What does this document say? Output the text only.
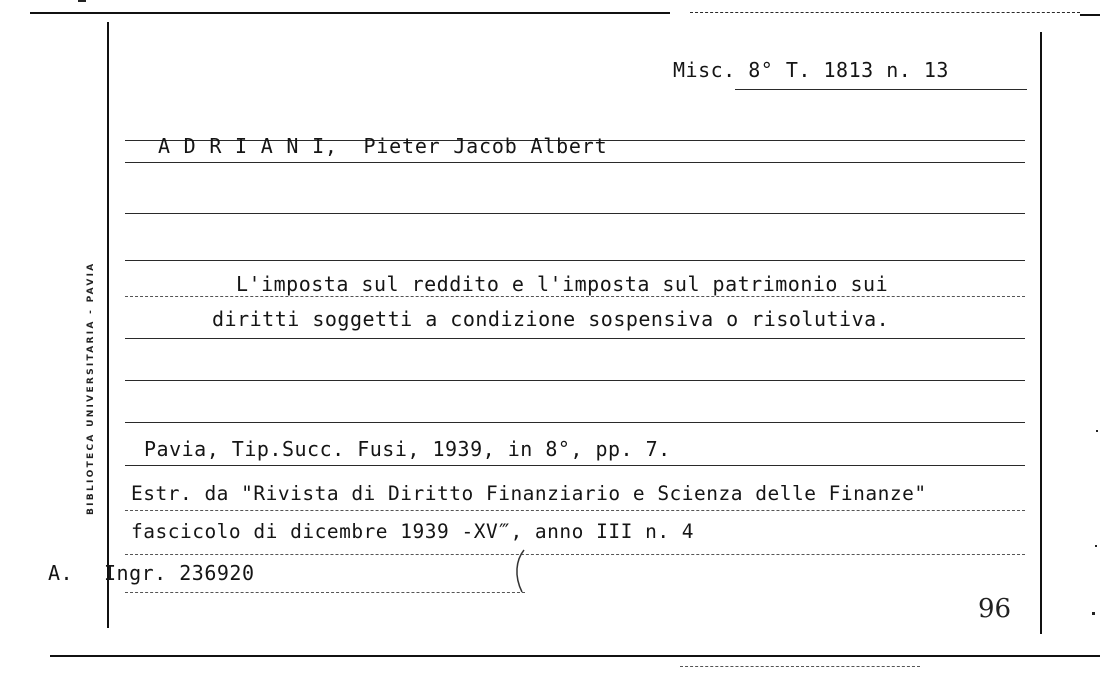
BIBLIOTECA UNIVERSITARIA - PAVIA
Misc. 8° T. 1813 n. 13
A D R I A N I,  Pieter Jacob Albert
L'imposta sul reddito e l'imposta sul patrimonio sui
diritti soggetti a condizione sospensiva o risolutiva.
Pavia, Tip.Succ. Fusi, 1939, in 8°, pp. 7.
Estr. da "Rivista di Diritto Finanziario e Scienza delle Finanze"
fascicolo di dicembre 1939 -XV‴, anno III n. 4
A. Ingr. 236920
96
